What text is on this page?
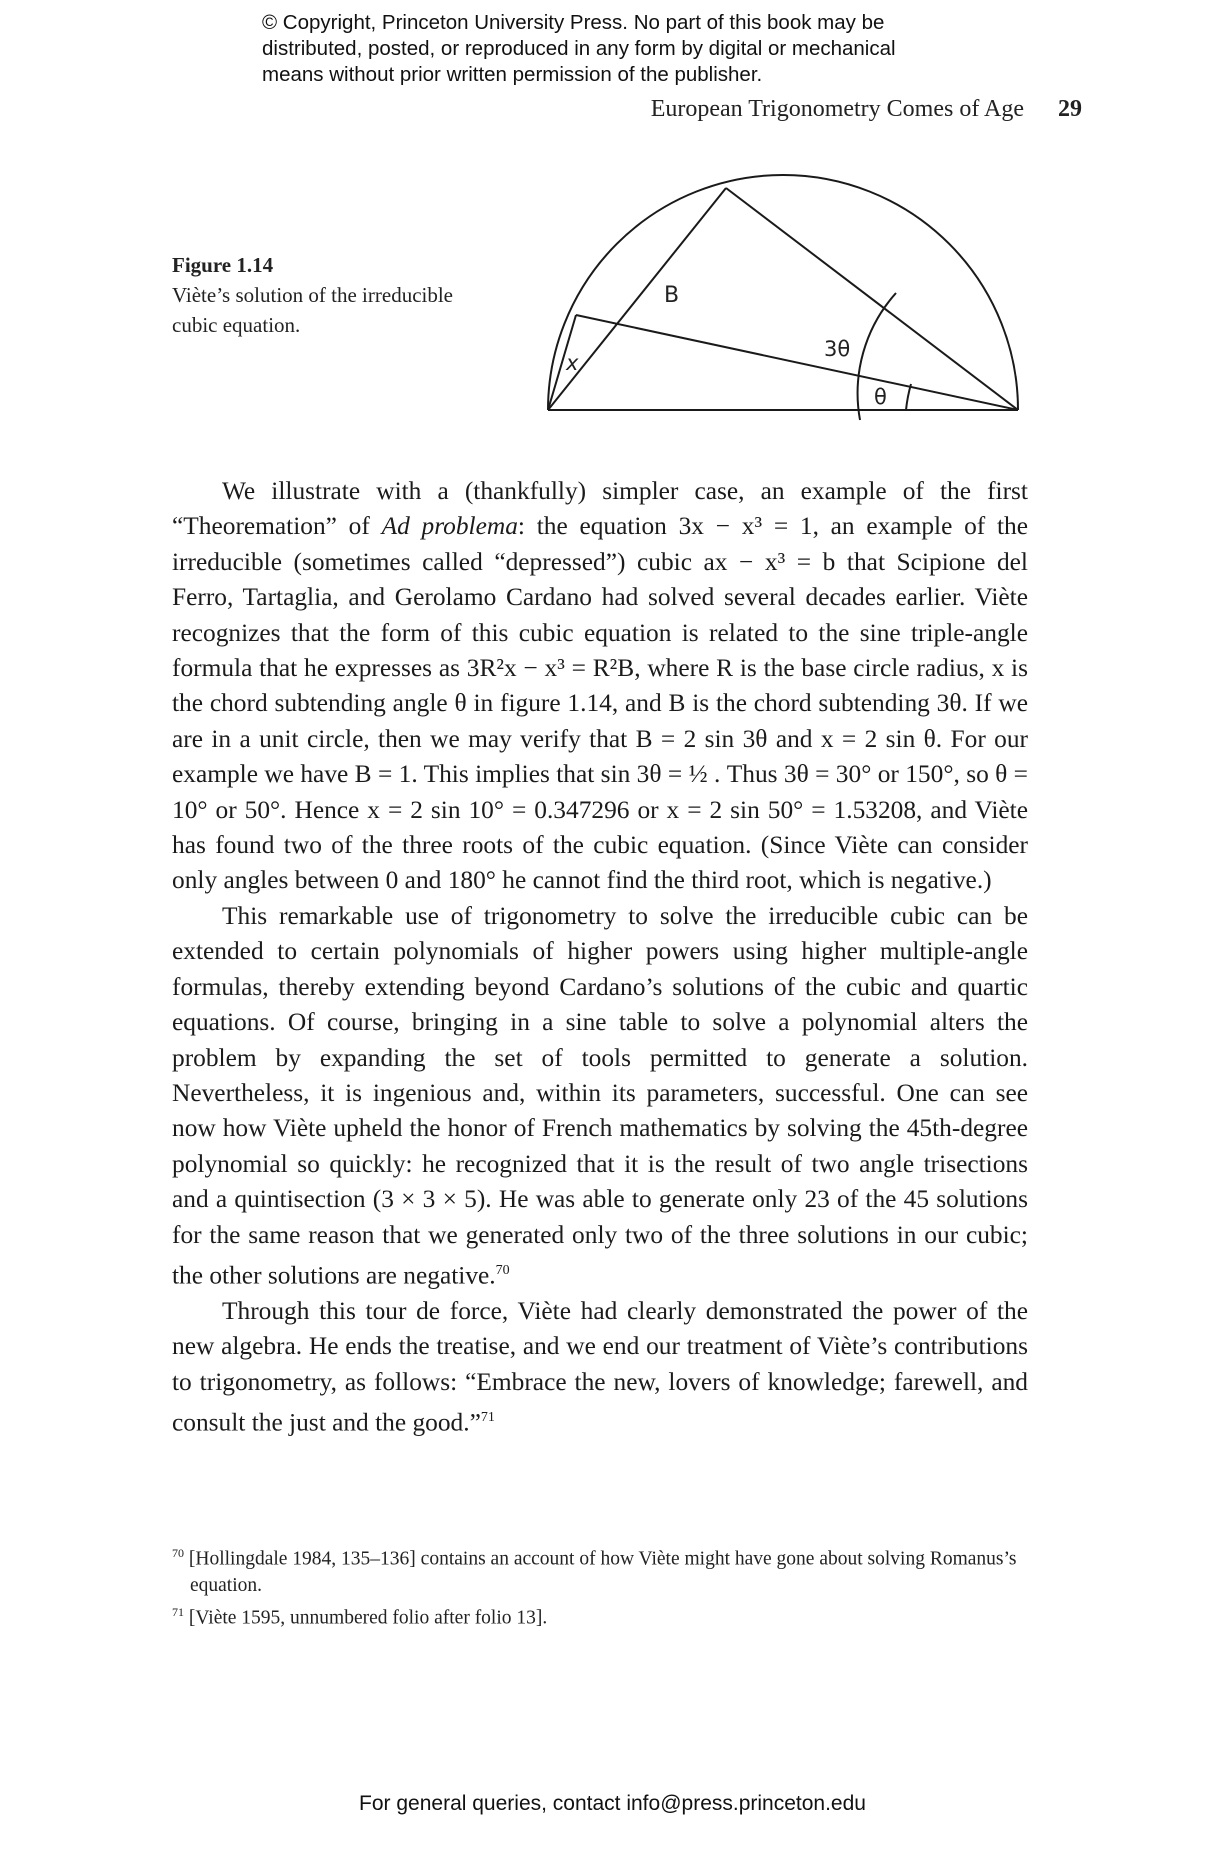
© Copyright, Princeton University Press. No part of this book may be
distributed, posted, or reproduced in any form by digital or mechanical
means without prior written permission of the publisher.
European Trigonometry Comes of Age 29
Figure 1.14
Viète’s solution of the irreducible cubic equation.
B
3θ
θ
x

We illustrate with a (thankfully) simpler case, an example of the first “Theoremation” of Ad problema: the equation 3x − x³ = 1, an example of the irreducible (sometimes called “depressed”) cubic ax − x³ = b that Scipione del Ferro, Tartaglia, and Gerolamo Cardano had solved several decades earlier. Viète recognizes that the form of this cubic equation is related to the sine triple-angle formula that he expresses as 3R²x − x³ = R²B, where R is the base circle radius, x is the chord subtending angle θ in figure 1.14, and B is the chord subtending 3θ. If we are in a unit circle, then we may verify that B = 2 sin 3θ and x = 2 sin θ. For our example we have B = 1. This implies that sin 3θ = ½ . Thus 3θ = 30° or 150°, so θ = 10° or 50°. Hence x = 2 sin 10° = 0.347296 or x = 2 sin 50° = 1.53208, and Viète has found two of the three roots of the cubic equation. (Since Viète can consider only angles between 0 and 180° he cannot find the third root, which is negative.)

This remarkable use of trigonometry to solve the irreducible cubic can be extended to certain polynomials of higher powers using higher multiple-angle formulas, thereby extending beyond Cardano’s solutions of the cubic and quartic equations. Of course, bringing in a sine table to solve a polynomial alters the problem by expanding the set of tools permitted to generate a solution. Nevertheless, it is ingenious and, within its parameters, successful. One can see now how Viète upheld the honor of French mathematics by solving the 45th-degree polynomial so quickly: he recognized that it is the result of two angle trisections and a quintisection (3 × 3 × 5). He was able to generate only 23 of the 45 solutions for the same reason that we generated only two of the three solutions in our cubic; the other solutions are negative.$^{70}$

Through this tour de force, Viète had clearly demonstrated the power of the new algebra. He ends the treatise, and we end our treatment of Viète’s contributions to trigonometry, as follows: “Embrace the new, lovers of knowledge; farewell, and consult the just and the good.”$^{71}$

$^{70}$ [Hollingdale 1984, 135–136] contains an account of how Viète might have gone about solving Romanus’s equation.
$^{71}$ [Viète 1595, unnumbered folio after folio 13].
For general queries, contact info@press.princeton.edu
